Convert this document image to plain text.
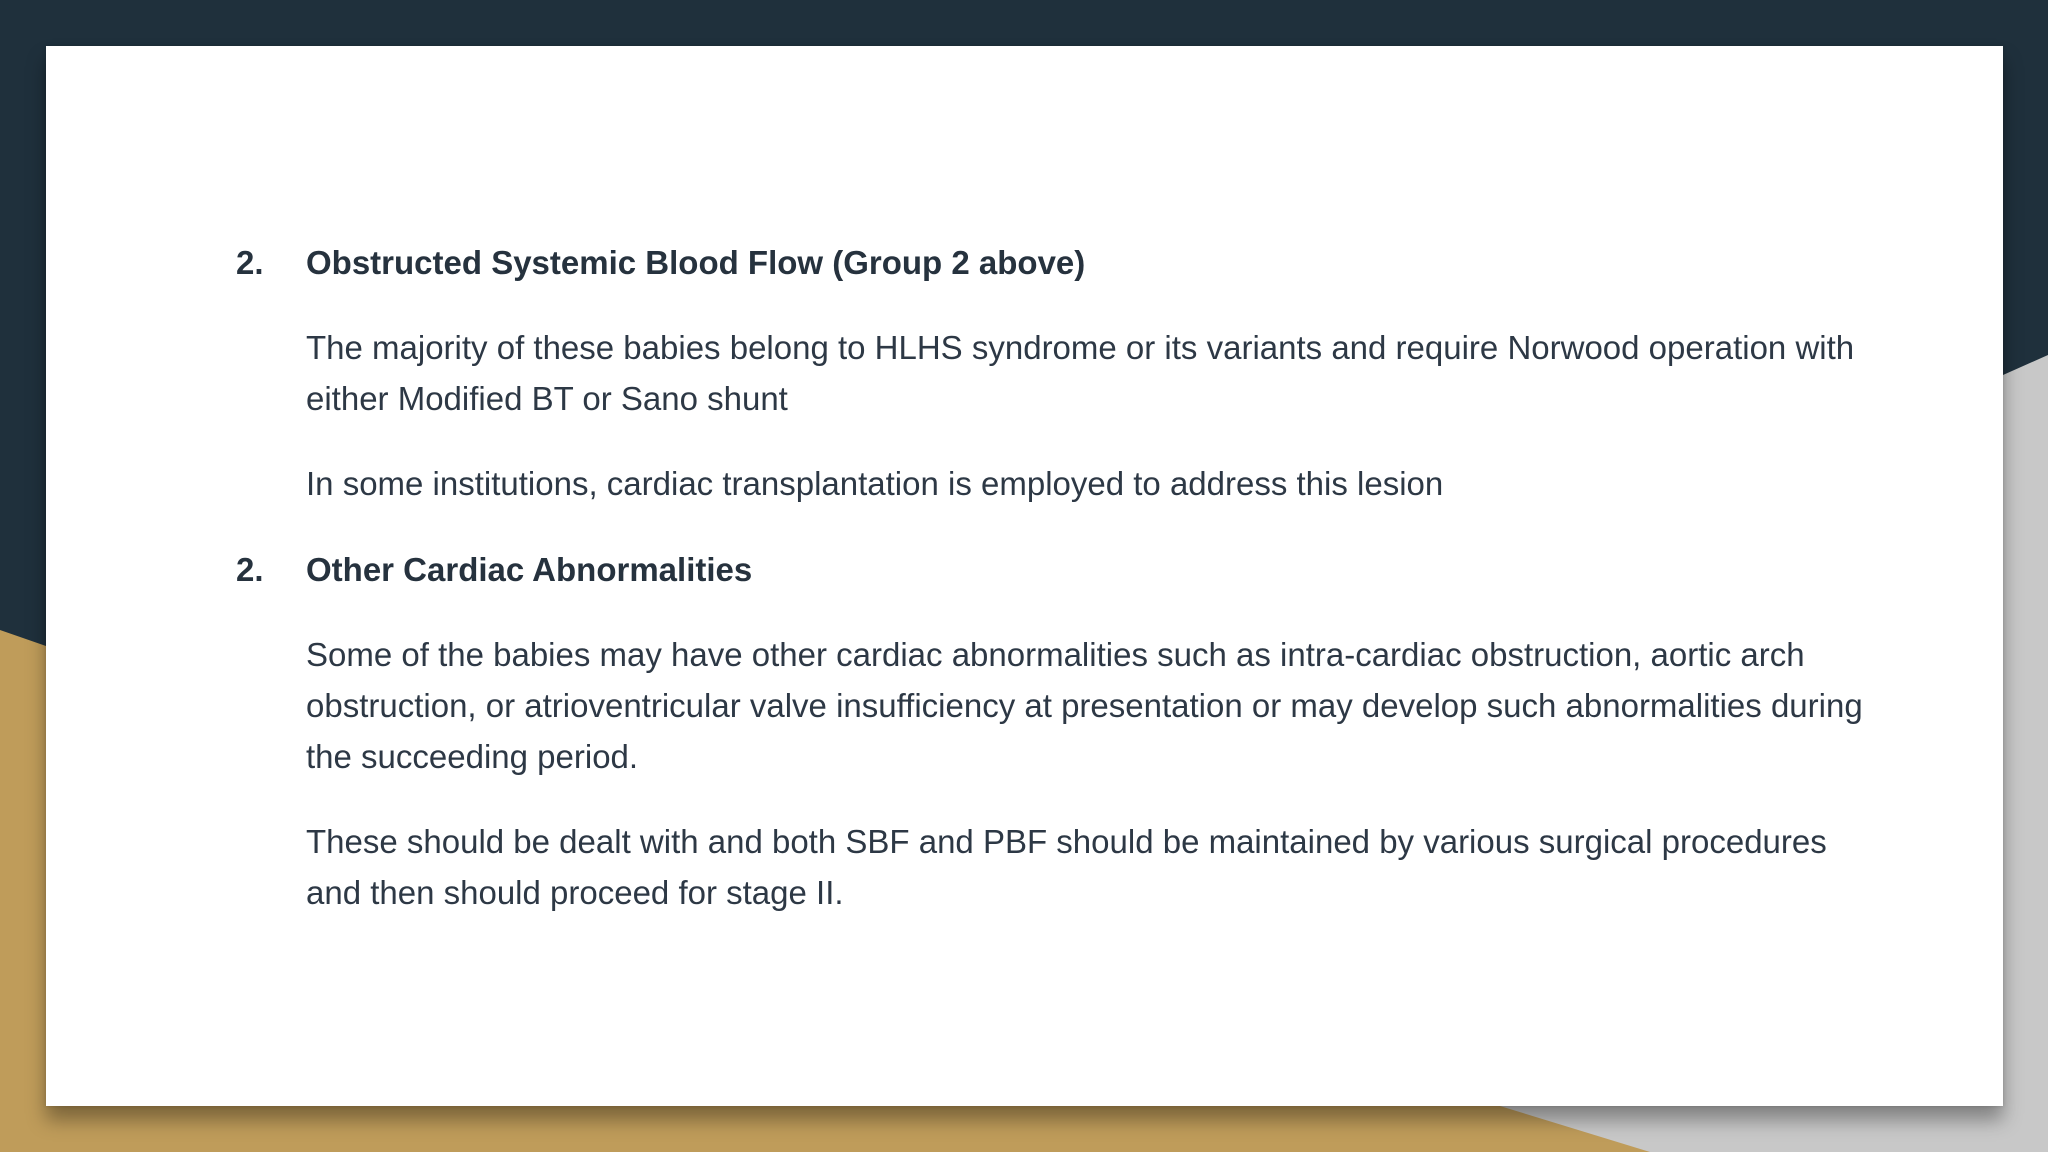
2. Obstructed Systemic Blood Flow (Group 2 above)
The majority of these babies belong to HLHS syndrome or its variants and require Norwood operation with either Modified BT or Sano shunt
In some institutions, cardiac transplantation is employed to address this lesion
2. Other Cardiac Abnormalities
Some of the babies may have other cardiac abnormalities such as intra-cardiac obstruction, aortic arch obstruction, or atrioventricular valve insufficiency at presentation or may develop such abnormalities during the succeeding period.
These should be dealt with and both SBF and PBF should be maintained by various surgical procedures and then should proceed for stage II.
